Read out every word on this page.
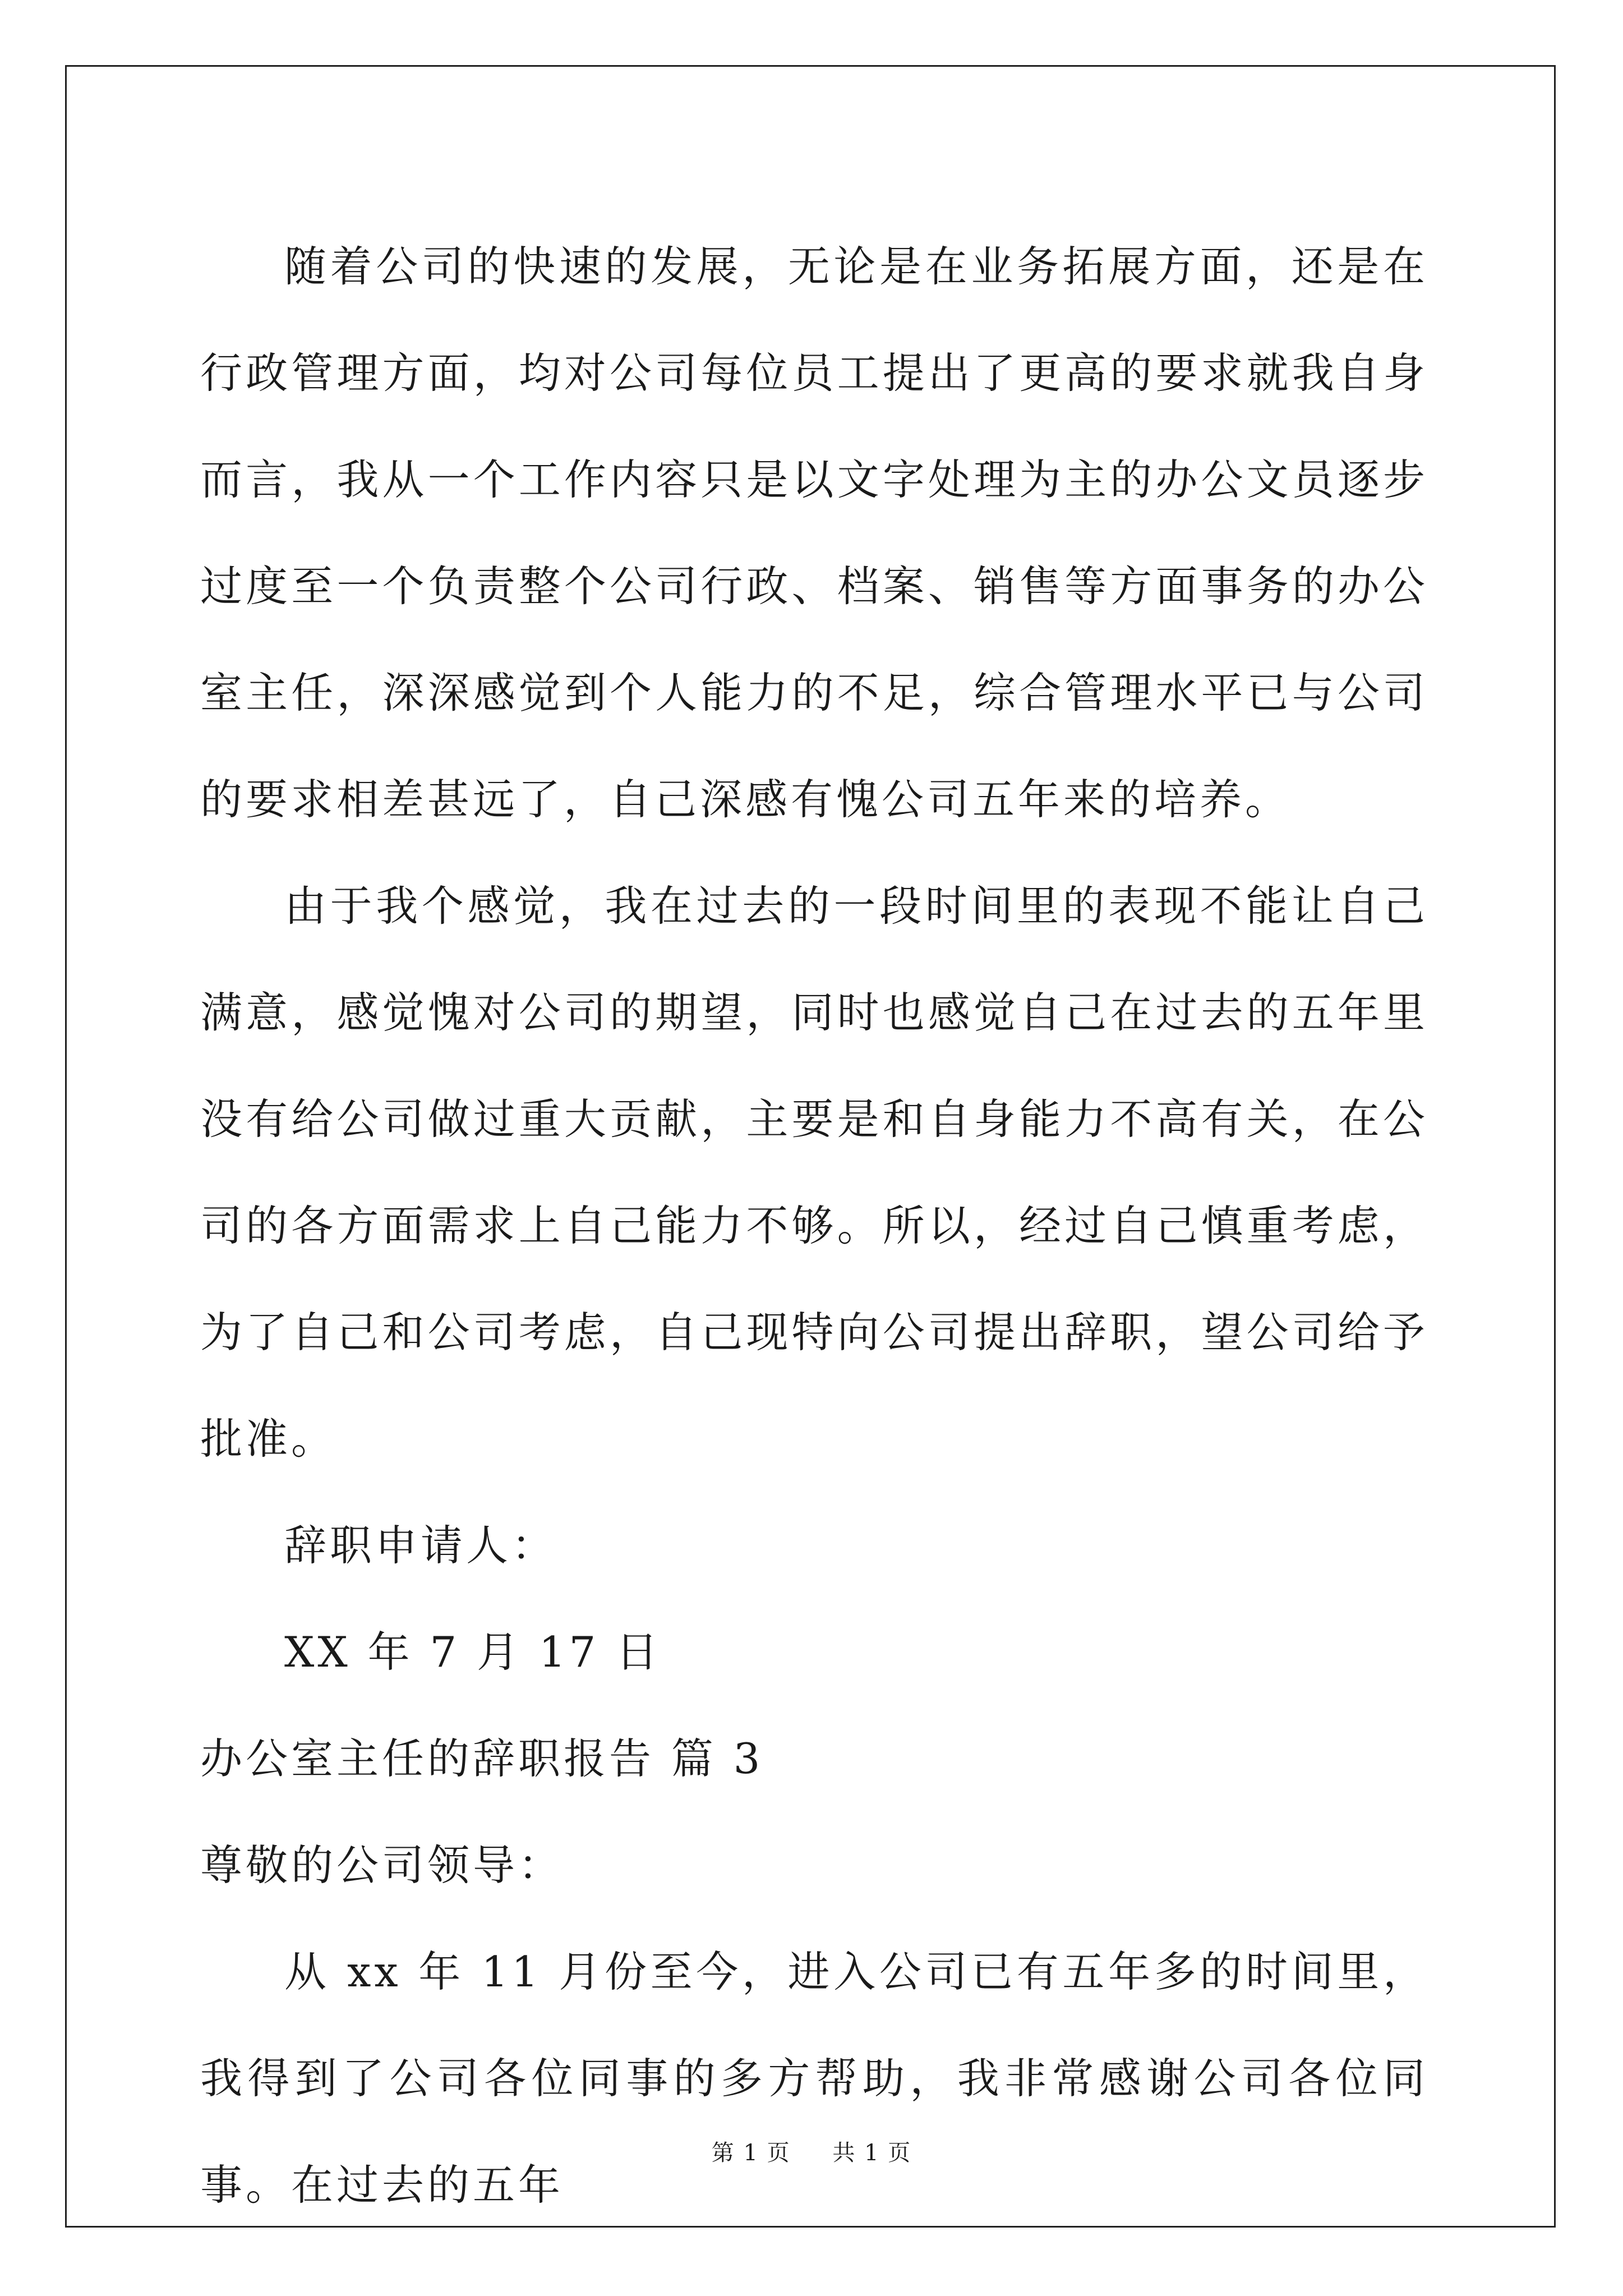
随着公司的快速的发展，无论是在业务拓展方面，还是在行政管理方面，均对公司每位员工提出了更高的要求就我自身而言，我从一个工作内容只是以文字处理为主的办公文员逐步过度至一个负责整个公司行政、档案、销售等方面事务的办公室主任，深深感觉到个人能力的不足，综合管理水平已与公司的要求相差甚远了，自己深感有愧公司五年来的培养。

由于我个感觉，我在过去的一段时间里的表现不能让自己满意，感觉愧对公司的期望，同时也感觉自己在过去的五年里没有给公司做过重大贡献，主要是和自身能力不高有关，在公司的各方面需求上自己能力不够。所以，经过自己慎重考虑，为了自己和公司考虑，自己现特向公司提出辞职，望公司给予批准。

辞职申请人：

XX 年 7 月 17 日

办公室主任的辞职报告 篇 3

尊敬的公司领导：

从 xx 年 11 月份至今，进入公司已有五年多的时间里，我得到了公司各位同事的多方帮助，我非常感谢公司各位同事。在过去的五年

第 1 页 共 1 页
